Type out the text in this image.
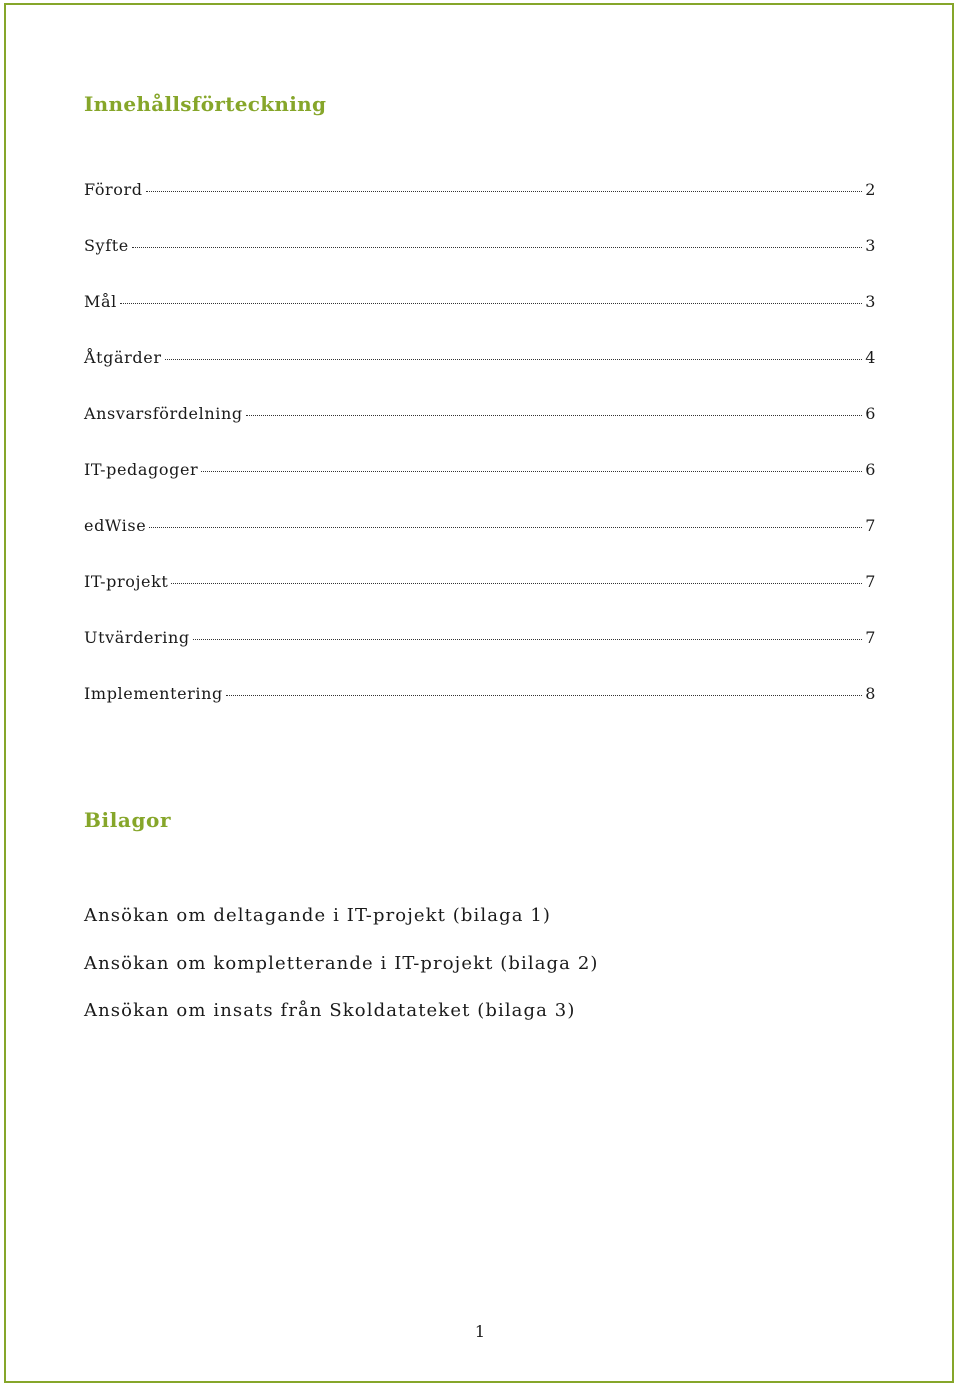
Innehållsförteckning
Förord	2
Syfte	3
Mål	3
Åtgärder	4
Ansvarsfördelning	6
IT-pedagoger	6
edWise	7
IT-projekt	7
Utvärdering	7
Implementering	8
Bilagor
Ansökan om deltagande i IT-projekt (bilaga 1)
Ansökan om kompletterande i IT-projekt (bilaga 2)
Ansökan om insats från Skoldatateket (bilaga 3)
1
